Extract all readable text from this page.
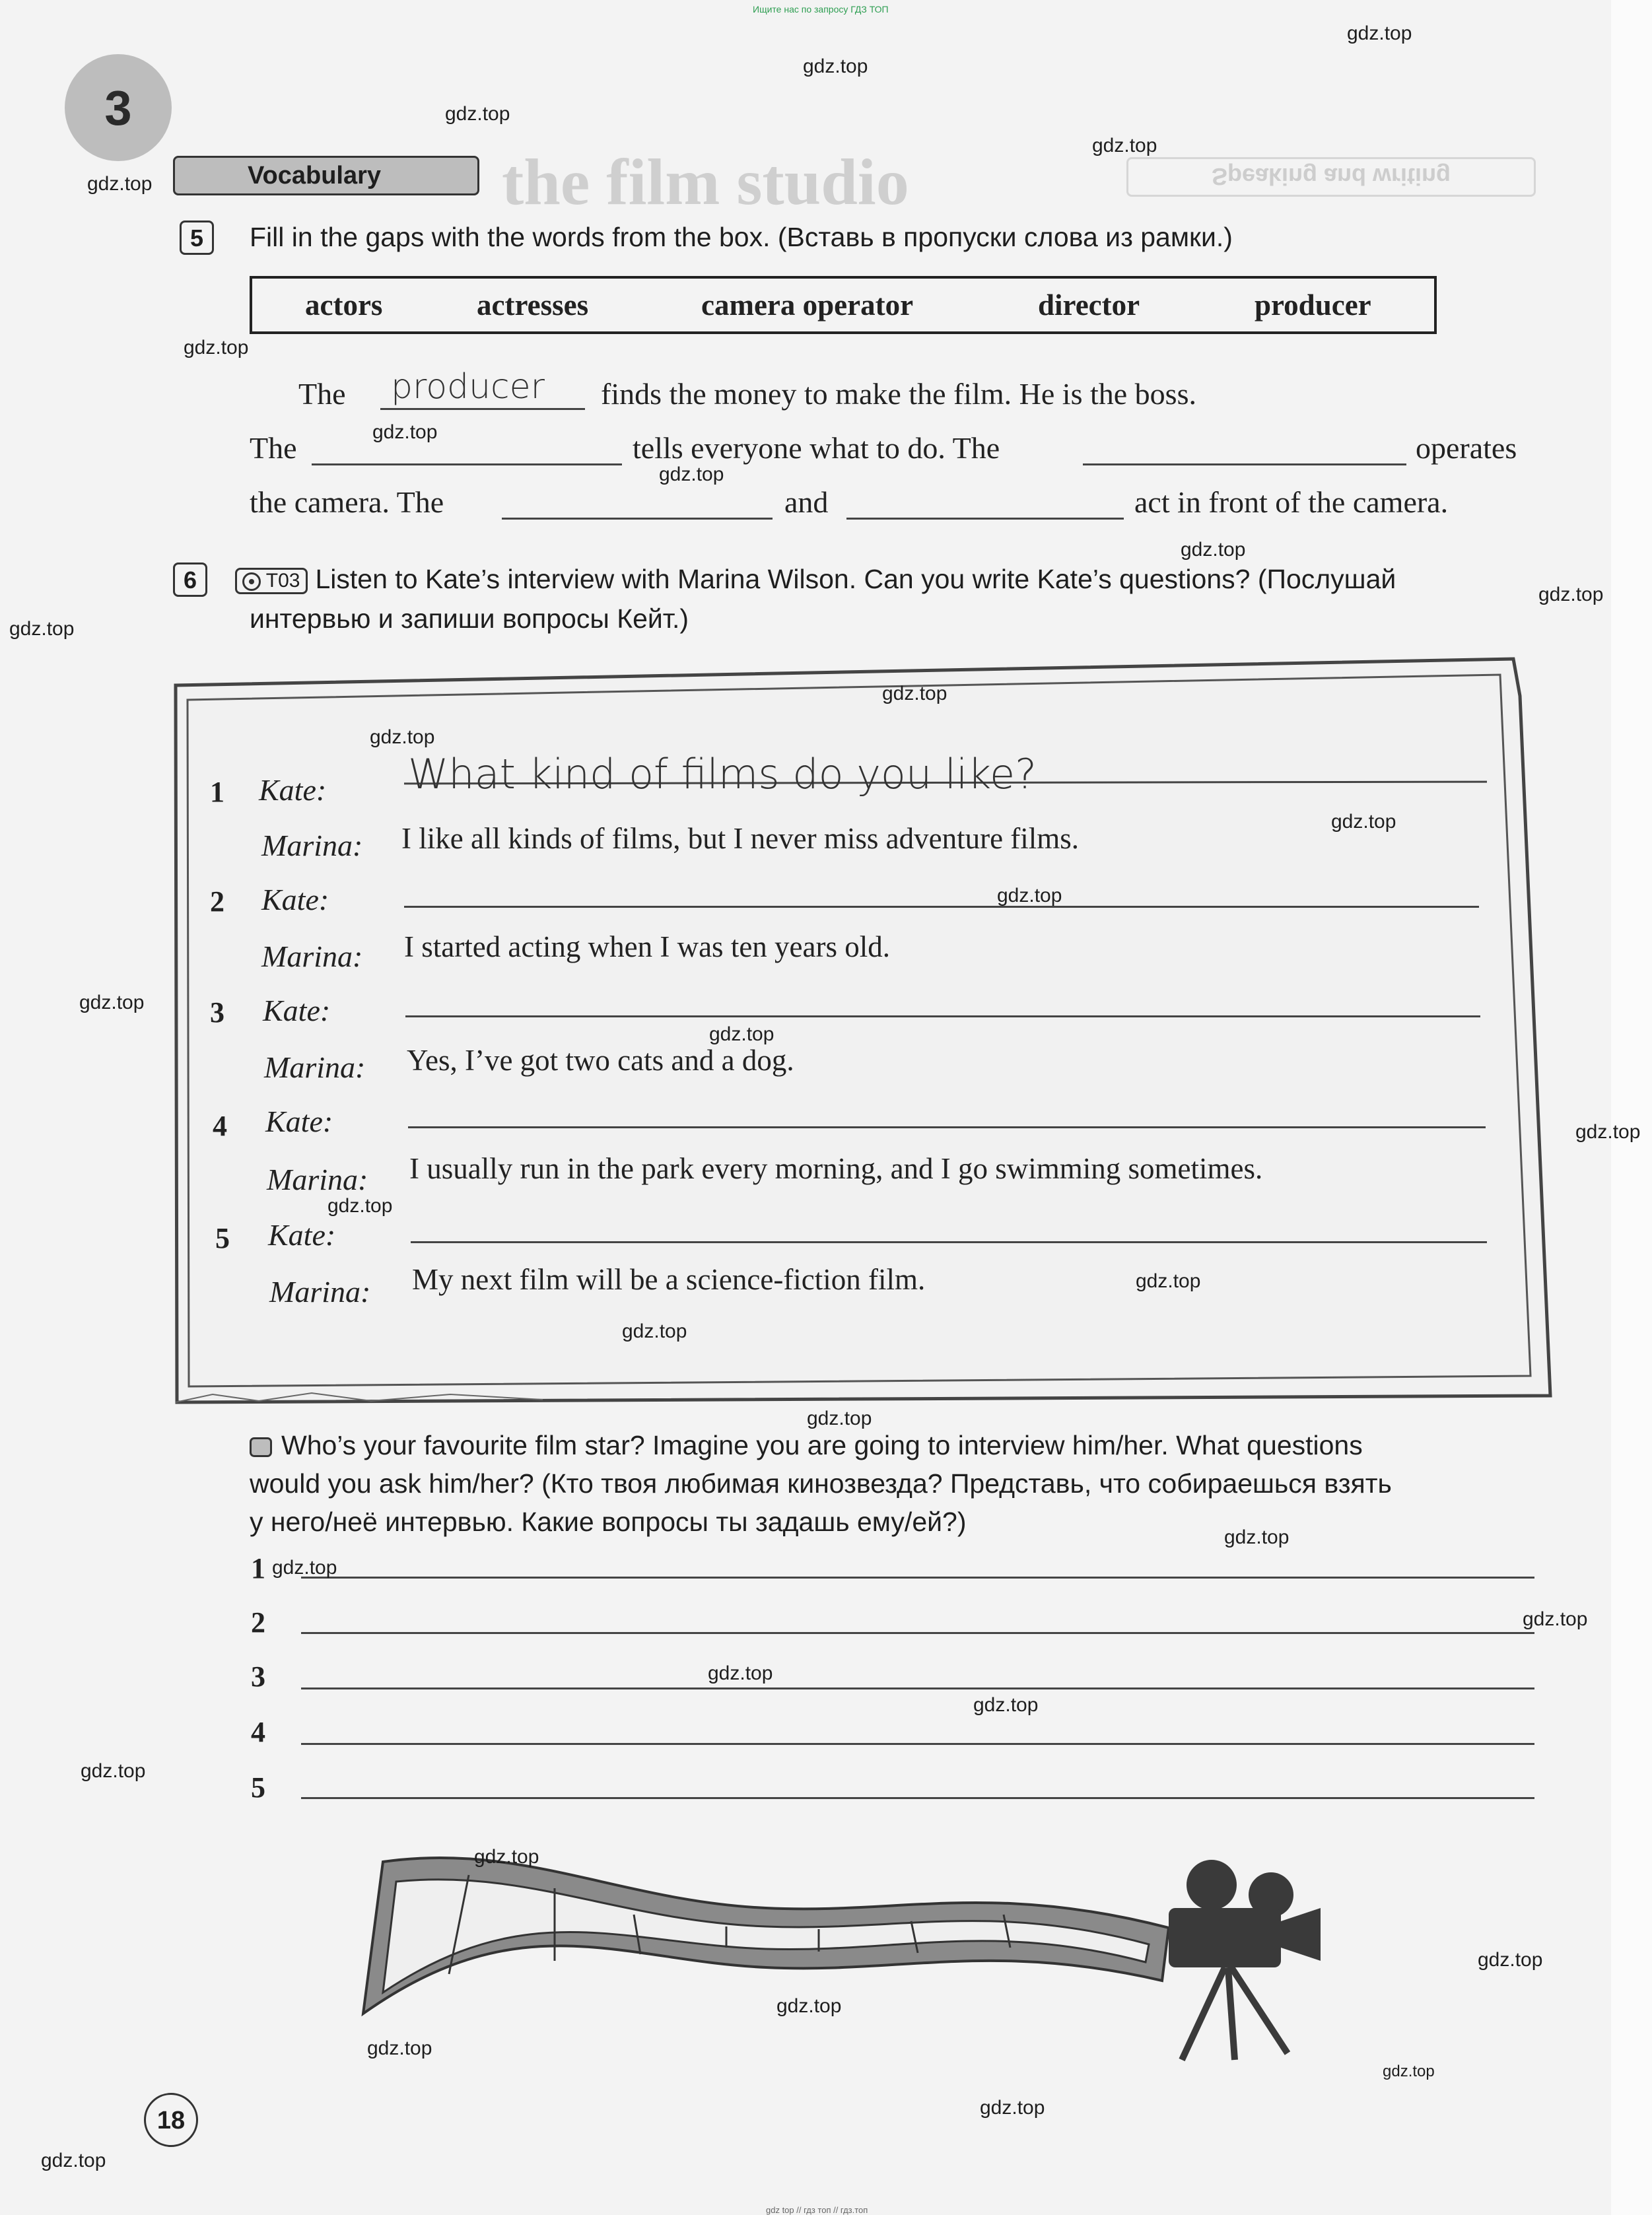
Ищите нас по запросу ГДЗ ТОП
the film studio	Speaking and writing
3
Vocabulary
5	Fill in the gaps with the words from the box. (Вставь в пропуски слова из рамки.)
actors	actresses	camera operator	director	producer
The producer finds the money to make the film. He is the boss.
The	tells everyone what to do. The	operates
the camera. The	and	act in front of the camera.
6	T03 Listen to Kate’s interview with Marina Wilson. Can you write Kate’s questions? (Послушай
интервью и запиши вопросы Кейт.)
1 Kate: What kind of films do you like?
Marina: I like all kinds of films, but I never miss adventure films.
2 Kate:
Marina: I started acting when I was ten years old.
3 Kate:
Marina: Yes, I’ve got two cats and a dog.
4 Kate:
Marina: I usually run in the park every morning, and I go swimming sometimes.
5 Kate:
Marina: My next film will be a science-fiction film.
Who’s your favourite film star? Imagine you are going to interview him/her. What questions
would you ask him/her? (Кто твоя любимая кинозвезда? Представь, что собираешься взять
у него/неё интервью. Какие вопросы ты задашь ему/ей?)
1
2
3
4
5
18
gdz.top
gdz.top
gdz.top
gdz.top
gdz.top
gdz.top
gdz.top
gdz.top
gdz.top
gdz.top
gdz.top
gdz.top
gdz.top
gdz.top
gdz.top
gdz.top
gdz.top
gdz.top
gdz.top
gdz.top
gdz.top
gdz.top
gdz.top
gdz.top
gdz.top
gdz.top
gdz.top
gdz.top
gdz.top
gdz.top
gdz.top
gdz.top
gdz.top
gdz.top
gdz.top
gdz top // гдз топ // гдз.топ
